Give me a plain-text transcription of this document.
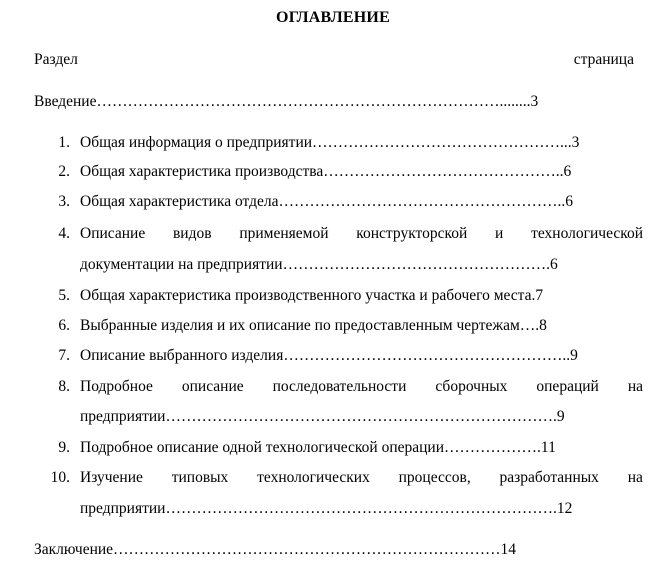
ОГЛАВЛЕНИЕ
Раздел	страница
Введение……………………………………………………………………........3
1. Общая информация о предприятии…………………………………………...3
2. Общая характеристика производства………………………………………..6
3. Общая характеристика отдела………………………………………………..6
4. Описание видов применяемой конструкторской и технологической
документации на предприятии…………………………………………….6
5. Общая характеристика производственного участка и рабочего места.7
6. Выбранные изделия и их описание по предоставленным чертежам….8
7. Описание выбранного изделия………………………………………………..9
8. Подробное описание последовательности сборочных операций на
предприятии………………………………………………………………….9
9. Подробное описание одной технологической операции……………….11
10. Изучение типовых технологических процессов, разработанных на
предприятии………………………………………………………………….12
Заключение…………………………………………………………………14
